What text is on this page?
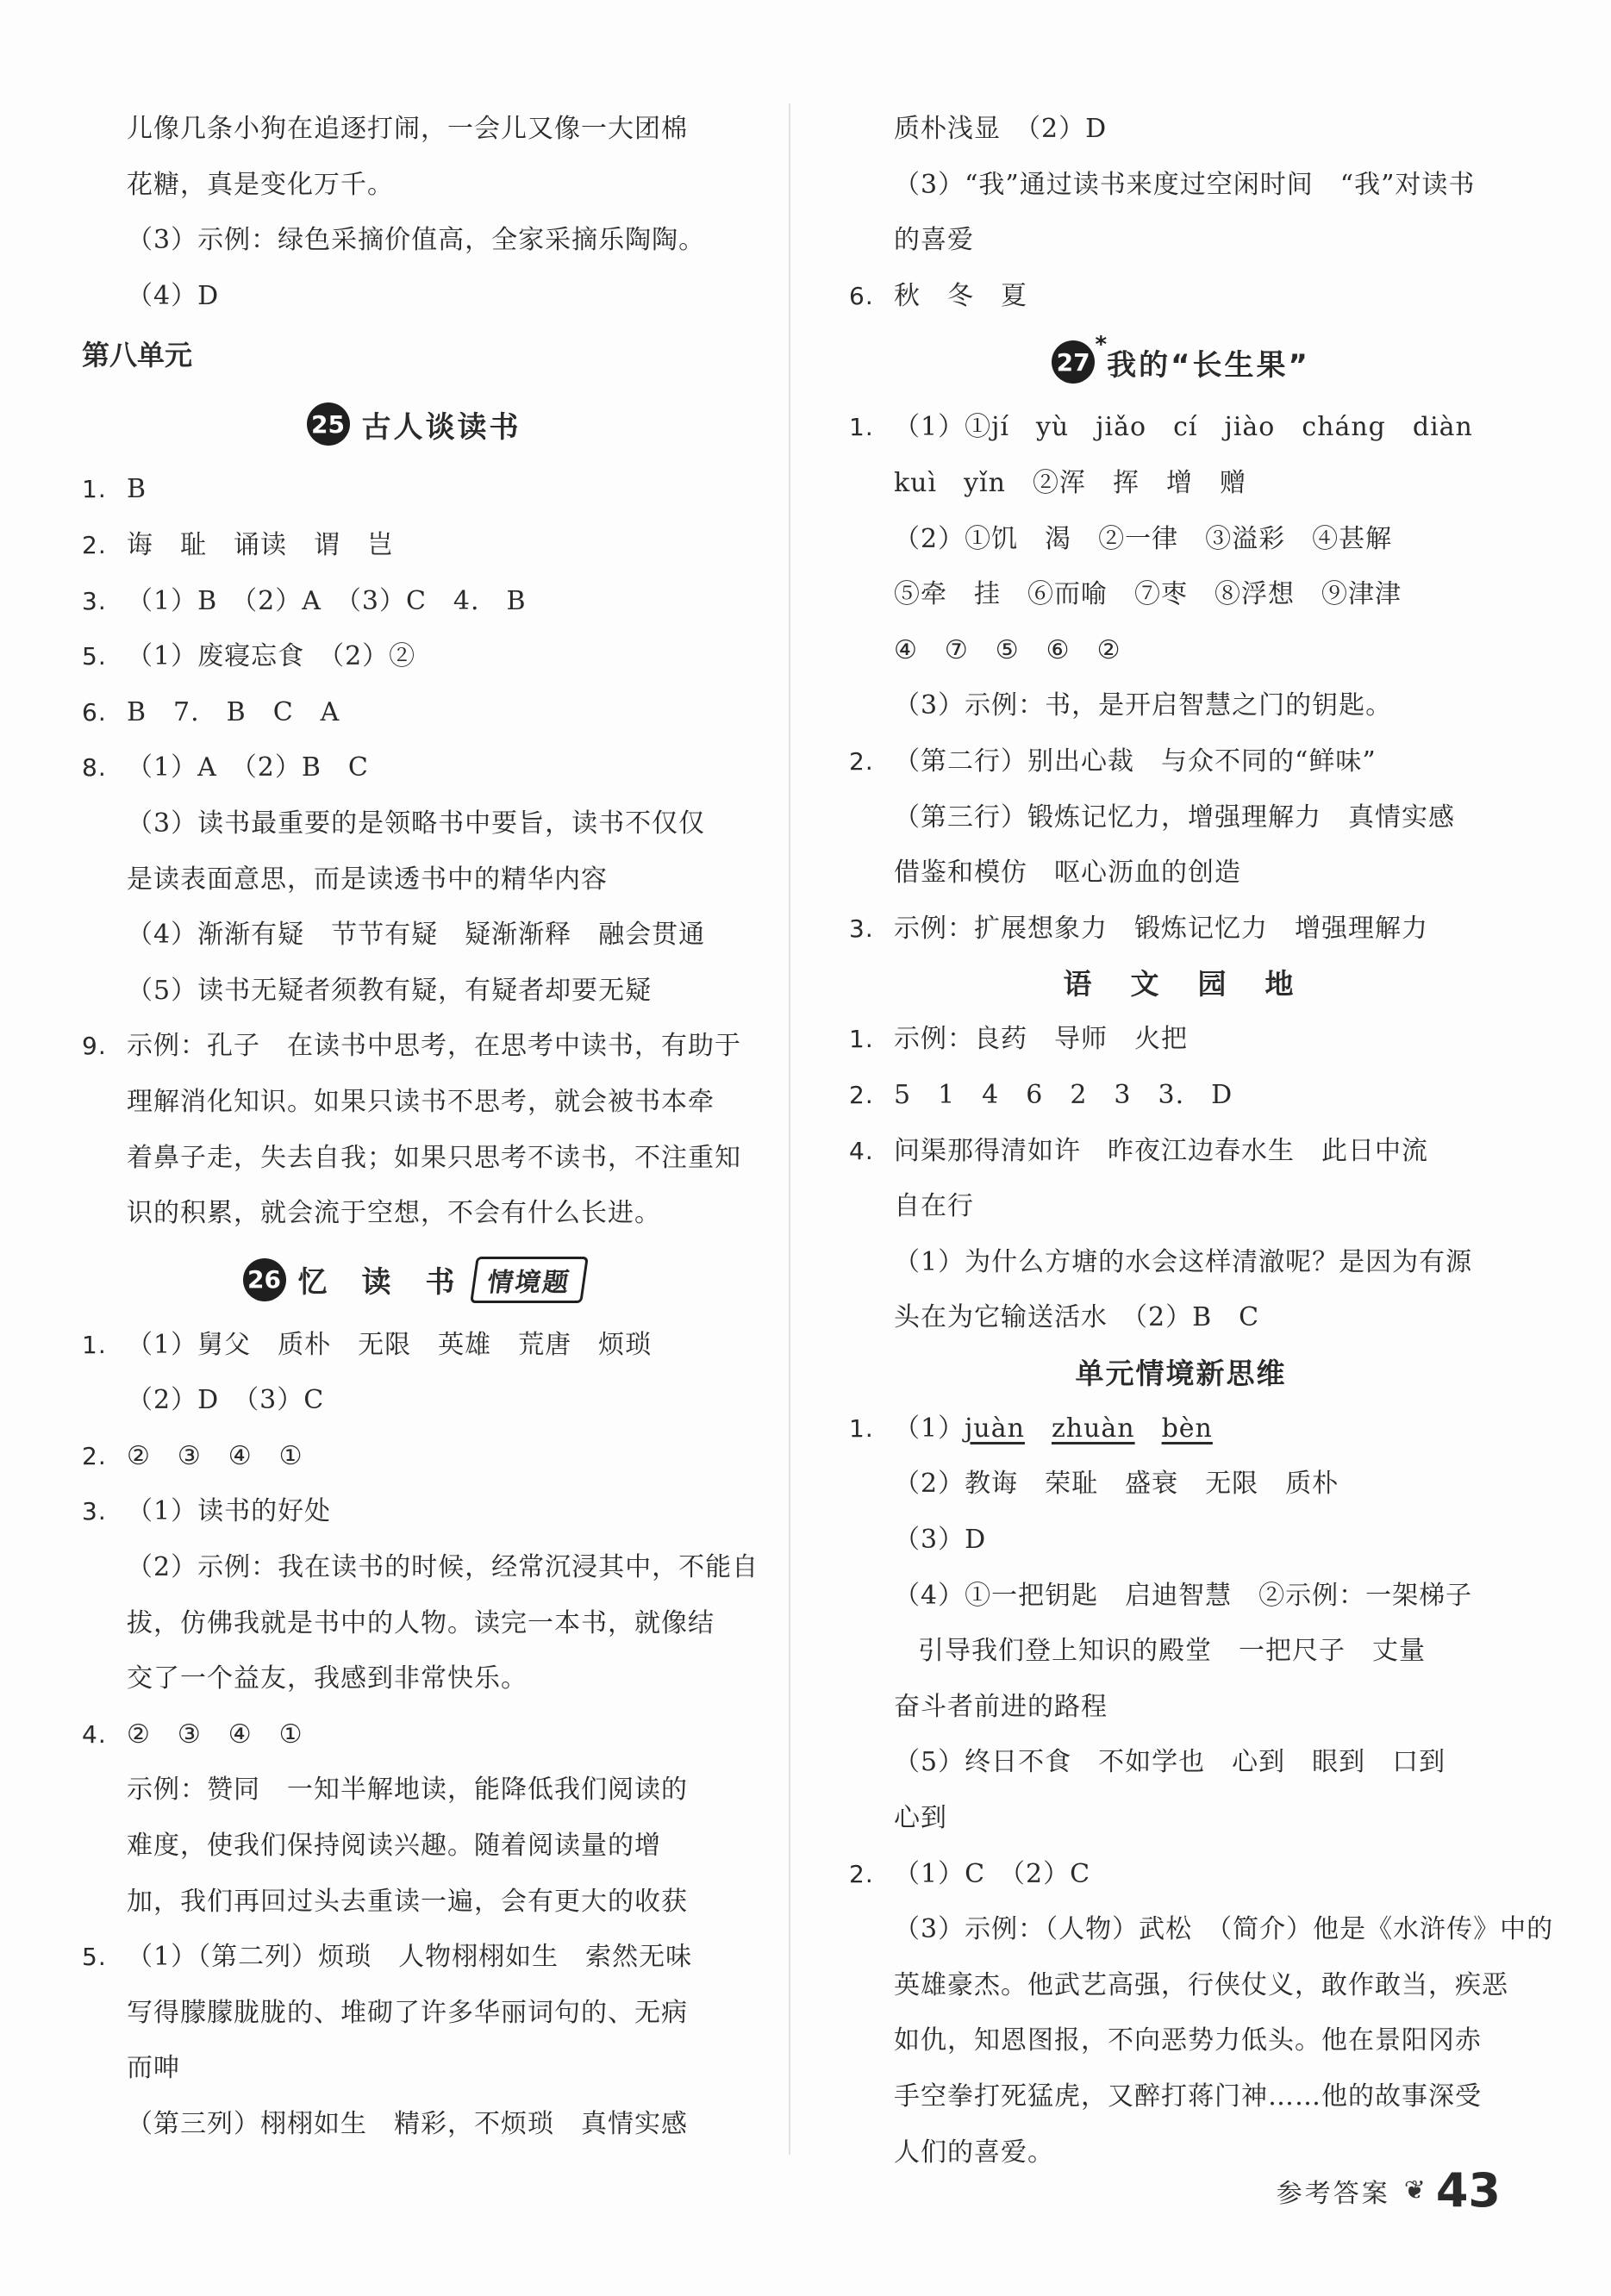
儿像几条小狗在追逐打闹，一会儿又像一大团棉
花糖，真是变化万千。
（3）示例：绿色采摘价值高，全家采摘乐陶陶。
（4）D
第八单元
25 古人谈读书
1. B
2. 诲　耻　诵读　谓　岂
3. （1）B　（2）A　（3）C　4.　B
5. （1）废寝忘食　（2）②
6. B　7.　B　C　A
8. （1）A　（2）B　C
（3）读书最重要的是领略书中要旨，读书不仅仅
是读表面意思，而是读透书中的精华内容
（4）渐渐有疑　节节有疑　疑渐渐释　融会贯通
（5）读书无疑者须教有疑，有疑者却要无疑
9. 示例：孔子　在读书中思考，在思考中读书，有助于
理解消化知识。如果只读书不思考，就会被书本牵
着鼻子走，失去自我；如果只思考不读书，不注重知
识的积累，就会流于空想，不会有什么长进。
26 忆　读　书	情境题
1. （1）舅父　质朴　无限　英雄　荒唐　烦琐
（2）D　（3）C
2. ②　③　④　①
3. （1）读书的好处
（2）示例：我在读书的时候，经常沉浸其中，不能自
拔，仿佛我就是书中的人物。读完一本书，就像结
交了一个益友，我感到非常快乐。
4. ②　③　④　①
示例：赞同　一知半解地读，能降低我们阅读的
难度，使我们保持阅读兴趣。随着阅读量的增
加，我们再回过头去重读一遍，会有更大的收获
5. （1）（第二列）烦琐　人物栩栩如生　索然无味
写得朦朦胧胧的、堆砌了许多华丽词句的、无病
而呻
（第三列）栩栩如生　精彩，不烦琐　真情实感
质朴浅显　（2）D
（3）“我”通过读书来度过空闲时间　“我”对读书
的喜爱
6. 秋　冬　夏
27
*
我的“长生果”
1. （1）①jí　yù　jiǎo　cí　jiào　cháng　diàn
kuì　yǐn　②浑　挥　增　赠
（2）①饥　渴　②一律　③溢彩　④甚解
⑤牵　挂　⑥而喻　⑦枣　⑧浮想　⑨津津
④　⑦　⑤　⑥　②
（3）示例：书，是开启智慧之门的钥匙。
2. （第二行）别出心裁　与众不同的“鲜味”
（第三行）锻炼记忆力，增强理解力　真情实感
借鉴和模仿　呕心沥血的创造
3. 示例：扩展想象力　锻炼记忆力　增强理解力
语　文　园　地
1. 示例：良药　导师　火把
2. 5　1　4　6　2　3　3.　D
4. 问渠那得清如许　昨夜江边春水生　此日中流
自在行
（1）为什么方塘的水会这样清澈呢？是因为有源
头在为它输送活水　（2）B　C
单元情境新思维
1. （1）juàn　 zhuàn　 bèn
（2）教诲　荣耻　盛衰　无限　质朴
（3）D
（4）①一把钥匙　启迪智慧　②示例：一架梯子
引导我们登上知识的殿堂　一把尺子　丈量
奋斗者前进的路程
（5）终日不食　不如学也　心到　眼到　口到
心到
2. （1）C　（2）C
（3）示例：（人物）武松　（简介）他是《水浒传》中的
英雄豪杰。他武艺高强，行侠仗义，敢作敢当，疾恶
如仇，知恩图报，不向恶势力低头。他在景阳冈赤
手空拳打死猛虎，又醉打蒋门神……他的故事深受
人们的喜爱。
参考答案 ❦ 43
